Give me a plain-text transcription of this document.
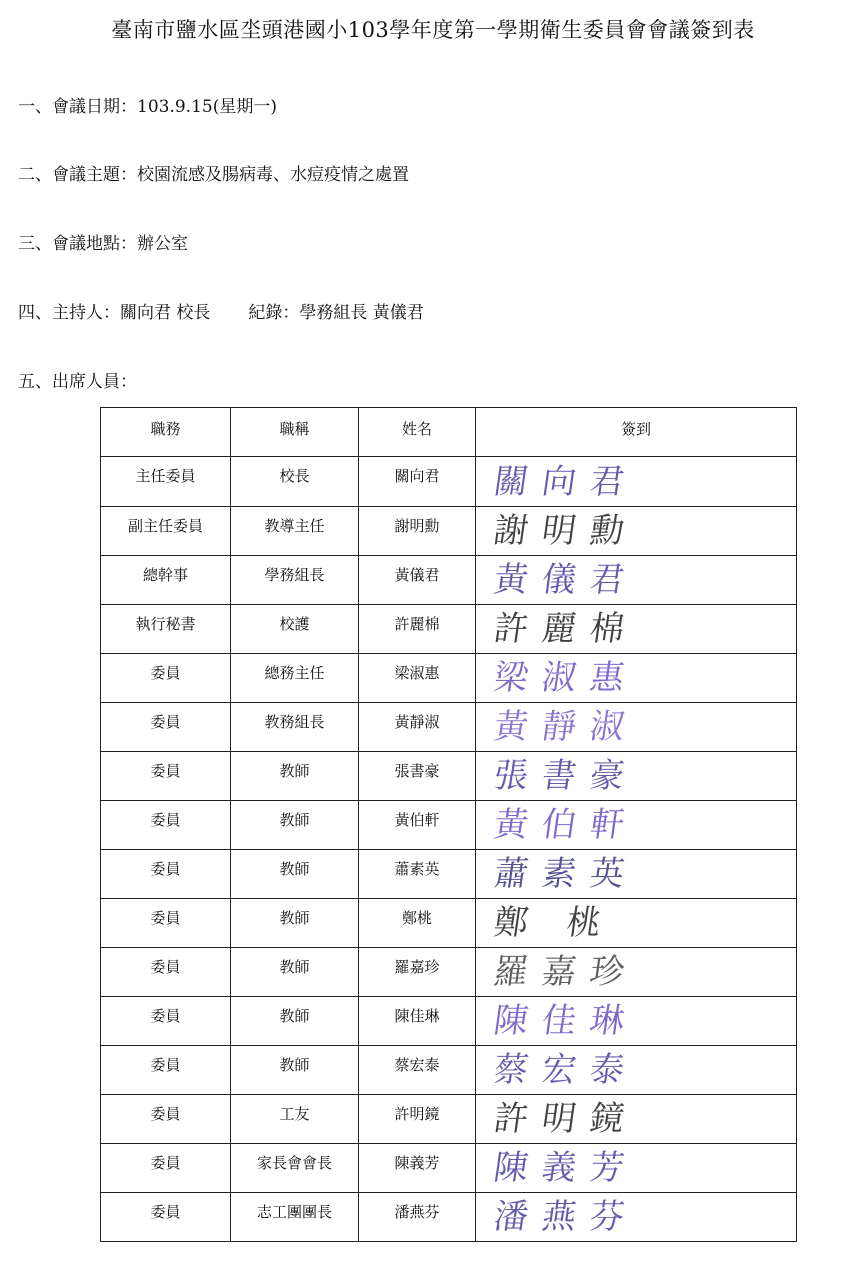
臺南市鹽水區坔頭港國小103學年度第一學期衛生委員會會議簽到表
一、會議日期：103.9.15(星期一)
二、會議主題：校園流感及腸病毒、水痘疫情之處置
三、會議地點：辦公室
四、主持人：關向君 校長 紀錄：學務組長 黃儀君
五、出席人員：
職務	職稱	姓名	簽到
主任委員	校長	關向君	關向君

副主任委員	教導主任	謝明勳	謝明勳

總幹事	學務組長	黃儀君	黃儀君

執行秘書	校護	許麗棉	許麗棉

委員	總務主任	梁淑惠	梁淑惠

委員	教務組長	黃靜淑	黃靜淑

委員	教師	張書豪	張書豪

委員	教師	黃伯軒	黃伯軒

委員	教師	蕭素英	蕭素英

委員	教師	鄭桃	鄭 桃

委員	教師	羅嘉珍	羅嘉珍

委員	教師	陳佳琳	陳佳琳

委員	教師	蔡宏泰	蔡宏泰

委員	工友	許明鏡	許明鏡

委員	家長會會長	陳義芳	陳義芳

委員	志工團團長	潘燕芬	潘燕芬
